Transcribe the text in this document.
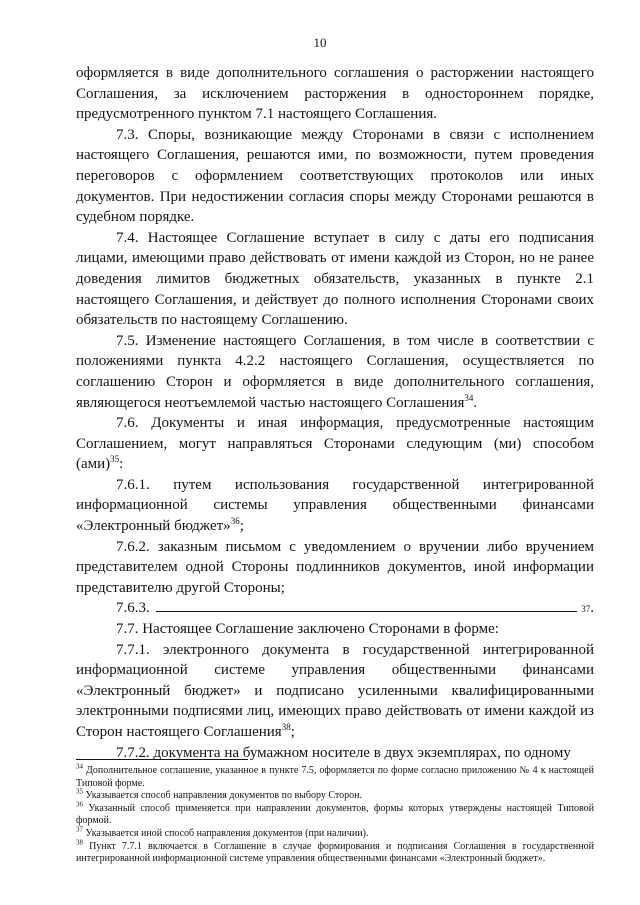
10

оформляется в виде дополнительного соглашения о расторжении настоящего Соглашения, за исключением расторжения в одностороннем порядке, предусмотренного пунктом 7.1 настоящего Соглашения.

7.3. Споры, возникающие между Сторонами в связи с исполнением настоящего Соглашения, решаются ими, по возможности, путем проведения переговоров с оформлением соответствующих протоколов или иных документов. При недостижении согласия споры между Сторонами решаются в судебном порядке.

7.4. Настоящее Соглашение вступает в силу с даты его подписания лицами, имеющими право действовать от имени каждой из Сторон, но не ранее доведения лимитов бюджетных обязательств, указанных в пункте 2.1 настоящего Соглашения, и действует до полного исполнения Сторонами своих обязательств по настоящему Соглашению.

7.5. Изменение настоящего Соглашения, в том числе в соответствии с положениями пункта 4.2.2 настоящего Соглашения, осуществляется по соглашению Сторон и оформляется в виде дополнительного соглашения, являющегося неотъемлемой частью настоящего Соглашения$^{34}$.

7.6. Документы и иная информация, предусмотренные настоящим Соглашением, могут направляться Сторонами следующим (ми) способом (ами)$^{35}$:

7.6.1. путем использования государственной интегрированной информационной системы управления общественными финансами «Электронный бюджет»$^{36}$;

7.6.2. заказным письмом с уведомлением о вручении либо вручением представителем одной Стороны подлинников документов, иной информации представителю другой Стороны;

7.6.3.	37 .

7.7. Настоящее Соглашение заключено Сторонами в форме:

7.7.1. электронного документа в государственной интегрированной информационной системе управления общественными финансами «Электронный бюджет» и подписано усиленными квалифицированными электронными подписями лиц, имеющих право действовать от имени каждой из Сторон настоящего Соглашения$^{38}$;

7.7.2. документа на бумажном носителе в двух экземплярах, по одному

$^{34}$ Дополнительное соглашение, указанное в пункте 7.5, оформляется по форме согласно приложению № 4 к настоящей Типовой форме.

$^{35}$ Указывается способ направления документов по выбору Сторон.

$^{36}$ Указанный способ применяется при направлении документов, формы которых утверждены настоящей Типовой формой.

$^{37}$ Указывается иной способ направления документов (при наличии).

$^{38}$ Пункт 7.7.1 включается в Соглашение в случае формирования и подписания Соглашения в государственной интегрированной информационной системе управления общественными финансами «Электронный бюджет».
